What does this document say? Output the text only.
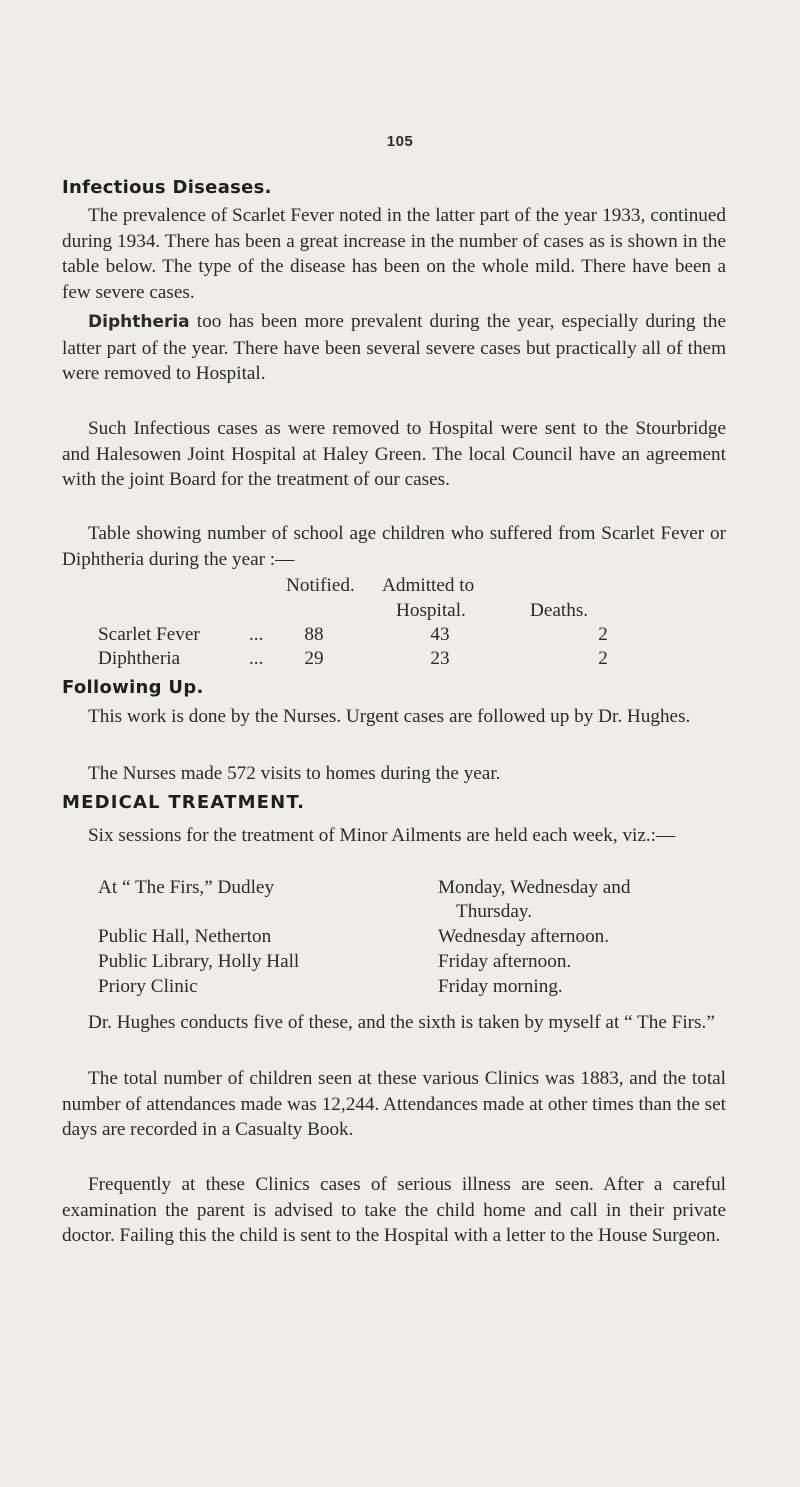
105
Infectious Diseases.

The prevalence of Scarlet Fever noted in the latter part of the year 1933, continued during 1934. There has been a great increase in the number of cases as is shown in the table below. The type of the disease has been on the whole mild. There have been a few severe cases.

Diphtheria too has been more prevalent during the year, especially during the latter part of the year. There have been several severe cases but practically all of them were removed to Hospital.

Such Infectious cases as were removed to Hospital were sent to the Stourbridge and Halesowen Joint Hospital at Haley Green. The local Council have an agreement with the joint Board for the treatment of our cases.

Table showing number of school age children who suffered from Scarlet Fever or Diphtheria during the year :—

Notified. Admitted to
Hospital.	Deaths.
Scarlet Fever	...	88	43	2
Diphtheria	...	29	23	2
Following Up.

This work is done by the Nurses. Urgent cases are followed up by Dr. Hughes.

The Nurses made 572 visits to homes during the year.

MEDICAL TREATMENT.

Six sessions for the treatment of Minor Ailments are held each week, viz.:—

At “ The Firs,” Dudley	Monday, Wednesday and
Thursday.
Public Hall, Netherton	Wednesday afternoon.
Public Library, Holly Hall	Friday afternoon.
Priory Clinic	Friday morning.

Dr. Hughes conducts five of these, and the sixth is taken by myself at “ The Firs.”

The total number of children seen at these various Clinics was 1883, and the total number of attendances made was 12,244. Attendances made at other times than the set days are recorded in a Casualty Book.

Frequently at these Clinics cases of serious illness are seen. After a careful examination the parent is advised to take the child home and call in their private doctor. Failing this the child is sent to the Hospital with a letter to the House Surgeon.
